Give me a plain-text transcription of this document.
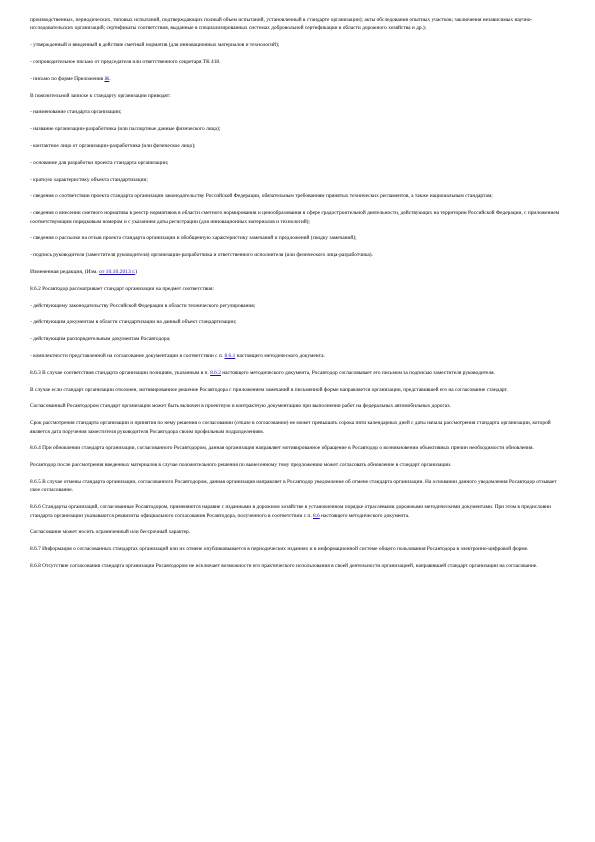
производственных, периодических, типовых испытаний, подтверждающих полный объем испытаний, установленный в стандарте организации); акты обследования опытных участков; заключения независимых научно-исследовательских организаций; сертификаты соответствия, выданные в специализированных системах добровольной сертификации в области дорожного хозяйства и др.);

- утвержденный и введенный в действие сметный норматив (для инновационных материалов и технологий);

- сопроводительное письмо от председателя или ответственного секретаря ТК 418.

- письмо по форме Приложения Ж.

В пояснительной записке к стандарту организации приводят:

- наименование стандарта организации;

- название организации-разработчика (или паспортные данные физического лица);

- контактное лицо от организации-разработчика (или физическое лицо);

- основание для разработки проекта стандарта организации;

- краткую характеристику объекта стандартизации;

- сведения о соответствии проекта стандарта организации законодательству Российской Федерации, обязательным требованиям принятых технических регламентов, а также национальным стандартам;

- сведения о внесении сметного норматива в реестр нормативов в области сметного нормирования и ценообразования в сфере градостроительной деятельности, действующих на территории Российской Федерации, с приложением соответствующим порядковым номером и с указанием даты регистрации (для инновационных материалов и технологий);

- сведения о рассылке на отзыв проекта стандарта организации и обобщенную характеристику замечаний и предложений (сводку замечаний);

- подпись руководителя (заместителя руководителя) организации-разработчика и ответственного исполнителя (или физического лица-разработчика).

Измененная редакция, (Изм. от 10.10.2013 г.)

8.6.2 Росавтодор рассматривает стандарт организации на предмет соответствия:

- действующему законодательству Российской Федерации в области технического регулирования;

- действующим документам в области стандартизации на данный объект стандартизации;

- действующим распорядительным документам Росавтодора;

- комплектности представленной на согласование документации в соответствии с п. 8.6.1 настоящего методического документа.

8.6.3 В случае соответствия стандарта организации позициям, указанным в п. 8.6.2 настоящего методического документа, Росавтодор согласовывает его письмом за подписью заместителя руководителя.

В случае если стандарт организации отклонен, мотивированное решение Росавтодора с приложением замечаний в письменной форме направляется организации, представившей его на согласование стандарт.

Согласованный Росавтодором стандарт организации может быть включен в проектную и контрактную документацию при выполнении работ на федеральных автомобильных дорогах.

Срок рассмотрения стандарта организации и принятия по нему решения о согласовании (отказе в согласовании) не может превышать сорока пяти календарных дней с даты начала рассмотрения стандарта организации, которой является дата поручения заместителя руководителя Росавтодора своим профильным подразделениям.

8.6.4 При обновлении стандарта организации, согласованного Росавтодором, данная организация направляет мотивированное обращение в Росавтодор о возникновении объективных причин необходимости обновления.

Росавтодор после рассмотрения введенных материалов в случае положительного решения по вынесенному тому предложению может согласовать обновление в стандарт организации.

8.6.5 В случае отмены стандарта организации, согласованного Росавтодором, данная организация направляет в Росавтодор уведомление об отмене стандарта организации. На основании данного уведомления Росавтодор отзывает свое согласование.

8.6.6 Стандарты организаций, согласованные Росавтодором, применяются наравне с изданными в дорожном хозяйстве в установленном порядке отраслевыми дорожными методическими документами. При этом в предисловии стандарта организации указываются реквизиты официального согласования Росавтодора, полученного в соответствии с п. 8.6 настоящего методического документа.

Согласование может носить ограниченный или бессрочный характер.

8.6.7 Информация о согласованных стандартах организаций или их отмене опубликовывается в периодических изданиях и в информационной системе общего пользования Росавтодора в электронно-цифровой форме.

8.6.8 Отсутствие согласования стандарта организации Росавтодором не исключает возможности его практического использования в своей деятельности организацией, направившей стандарт организации на согласование.
